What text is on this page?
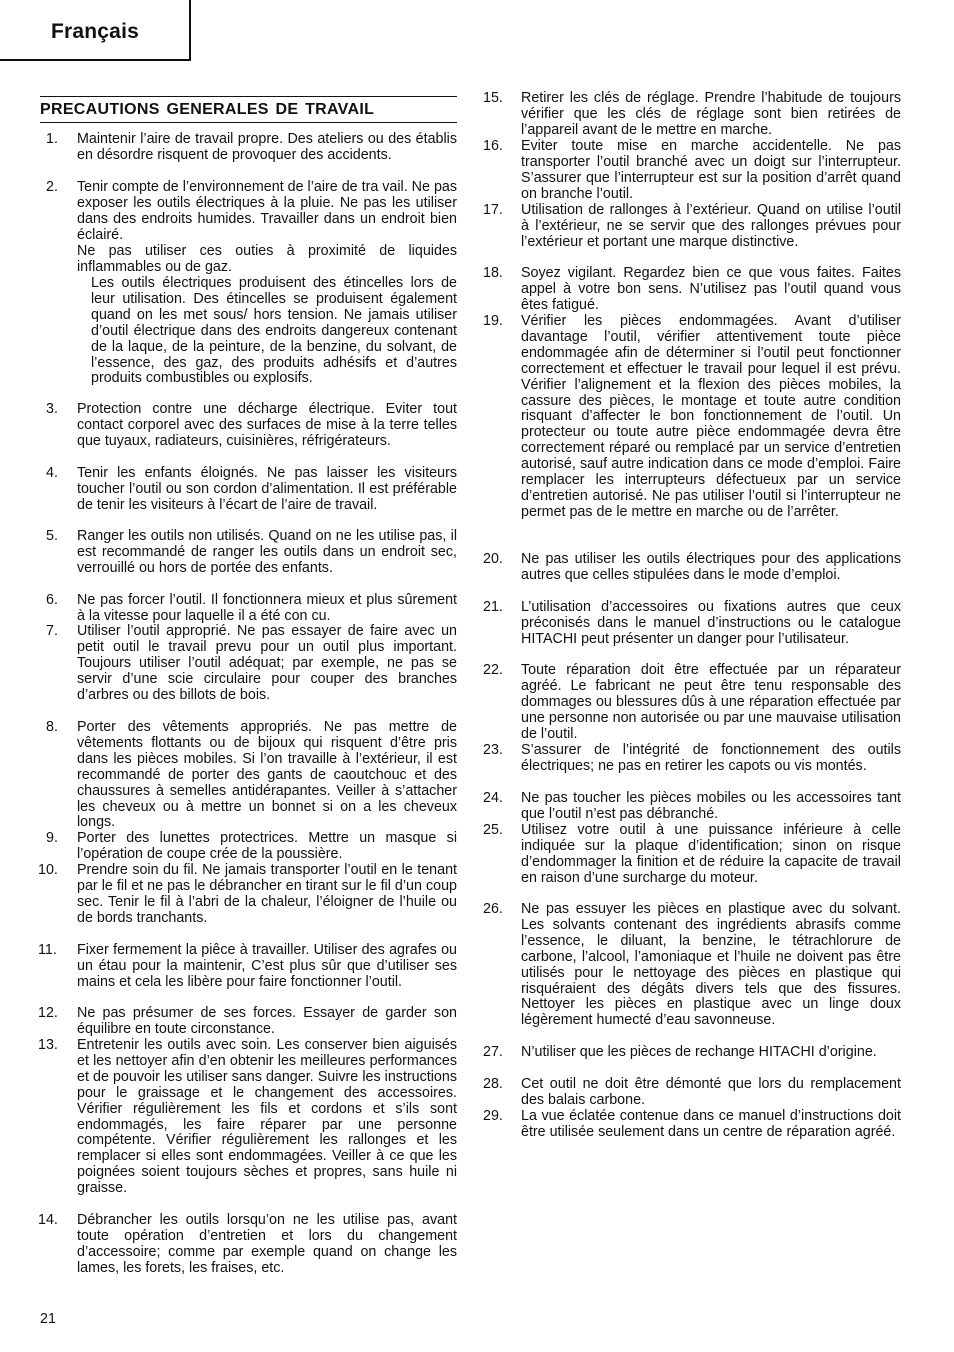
Français
PRECAUTIONS GENERALES DE TRAVAIL
1. Maintenir l’aire de travail propre. Des ateliers ou des établis en désordre risquent de provoquer des accidents.
2. Tenir compte de l’environnement de l’aire de tra vail. Ne pas exposer les outils électriques à la pluie. Ne pas les utiliser dans des endroits humides. Travailler dans un endroit bien éclairé.
Ne pas utiliser ces outies à proximité de liquides inflammables ou de gaz.
Les outils électriques produisent des étincelles lors de leur utilisation. Des étincelles se produisent également quand on les met sous/ hors tension. Ne jamais utiliser d’outil électrique dans des endroits dangereux contenant de la laque, de la peinture, de la benzine, du solvant, de l’essence, des gaz, des produits adhésifs et d’autres produits combustibles ou explosifs.
3. Protection contre une décharge électrique. Eviter tout contact corporel avec des surfaces de mise à la terre telles que tuyaux, radiateurs, cuisinières, réfrigérateurs.
4. Tenir les enfants éloignés. Ne pas laisser les visiteurs toucher l’outil ou son cordon d’alimentation. Il est préférable de tenir les visiteurs à l’écart de l’aire de travail.
5. Ranger les outils non utilisés. Quand on ne les utilise pas, il est recommandé de ranger les outils dans un endroit sec, verrouillé ou hors de portée des enfants.
6. Ne pas forcer l’outil. Il fonctionnera mieux et plus sûrement à la vitesse pour laquelle il a été con cu.
7. Utiliser l’outil approprié. Ne pas essayer de faire avec un petit outil le travail prevu pour un outil plus important. Toujours utiliser l’outil adéquat; par exemple, ne pas se servir d’une scie circulaire pour couper des branches d’arbres ou des billots de bois.
8. Porter des vêtements appropriés. Ne pas mettre de vêtements flottants ou de bijoux qui risquent d’être pris dans les pièces mobiles. Si l’on travaille à l’extérieur, il est recommandé de porter des gants de caoutchouc et des chaussures à semelles antidérapantes. Veiller à s’attacher les cheveux ou à mettre un bonnet si on a les cheveux longs.
9. Porter des lunettes protectrices. Mettre un masque si l’opération de coupe crée de la poussière.
10. Prendre soin du fil. Ne jamais transporter l’outil en le tenant par le fil et ne pas le débrancher en tirant sur le fil d’un coup sec. Tenir le fil à l’abri de la chaleur, l’éloigner de l’huile ou de bords tranchants.
11. Fixer fermement la piêce à travailler. Utiliser des agrafes ou un étau pour la maintenir, C’est plus sûr que d’utiliser ses mains et cela les libère pour faire fonctionner l’outil.
12. Ne pas présumer de ses forces. Essayer de garder son équilibre en toute circonstance.
13. Entretenir les outils avec soin. Les conserver bien aiguisés et les nettoyer afin d’en obtenir les meilleures performances et de pouvoir les utiliser sans danger. Suivre les instructions pour le graissage et le changement des accessoires. Vérifier régulièrement les fils et cordons et s’ils sont endommagés, les faire réparer par une personne compétente. Vérifier régulièrement les rallonges et les remplacer si elles sont endommagées. Veiller à ce que les poignées soient toujours sèches et propres, sans huile ni graisse.
14. Débrancher les outils lorsqu’on ne les utilise pas, avant toute opération d’entretien et lors du changement d’accessoire; comme par exemple quand on change les lames, les forets, les fraises, etc.
15. Retirer les clés de réglage. Prendre l’habitude de toujours vérifier que les clés de réglage sont bien retirées de l’appareil avant de le mettre en marche.
16. Eviter toute mise en marche accidentelle. Ne pas transporter l’outil branché avec un doigt sur l’interrupteur. S’assurer que l’interrupteur est sur la position d’arrêt quand on branche l’outil.
17. Utilisation de rallonges à l’extérieur. Quand on utilise l’outil à l’extérieur, ne se servir que des rallonges prévues pour l’extérieur et portant une marque distinctive.
18. Soyez vigilant. Regardez bien ce que vous faites. Faites appel à votre bon sens. N’utilisez pas l’outil quand vous êtes fatigué.
19. Vérifier les pièces endommagées. Avant d’utiliser davantage l’outil, vérifier attentivement toute pièce endommagée afin de déterminer si l’outil peut fonctionner correctement et effectuer le travail pour lequel il est prévu. Vérifier l’alignement et la flexion des pièces mobiles, la cassure des pièces, le montage et toute autre condition risquant d’affecter le bon fonctionnement de l’outil. Un protecteur ou toute autre pièce endommagée devra être correctement réparé ou remplacé par un service d’entretien autorisé, sauf autre indication dans ce mode d’emploi. Faire remplacer les interrupteurs défectueux par un service d’entretien autorisé. Ne pas utiliser l’outil si l’interrupteur ne permet pas de le mettre en marche ou de l’arrêter.
20. Ne pas utiliser les outils électriques pour des applications autres que celles stipulées dans le mode d’emploi.
21. L’utilisation d’accessoires ou fixations autres que ceux préconisés dans le manuel d’instructions ou le catalogue HITACHI peut présenter un danger pour l’utilisateur.
22. Toute réparation doit être effectuée par un réparateur agréé. Le fabricant ne peut être tenu responsable des dommages ou blessures dûs à une réparation effectuée par une personne non autorisée ou par une mauvaise utilisation de l’outil.
23. S’assurer de l’intégrité de fonctionnement des outils électriques; ne pas en retirer les capots ou vis montés.
24. Ne pas toucher les pièces mobiles ou les accessoires tant que l’outil n’est pas débranché.
25. Utilisez votre outil à une puissance inférieure à celle indiquée sur la plaque d’identification; sinon on risque d’endommager la finition et de réduire la capacite de travail en raison d’une surcharge du moteur.
26. Ne pas essuyer les pièces en plastique avec du solvant. Les solvants contenant des ingrédients abrasifs comme l’essence, le diluant, la benzine, le tétrachlorure de carbone, l’alcool, l’amoniaque et l’huile ne doivent pas être utilisés pour le nettoyage des pièces en plastique qui risquéraient des dégâts divers tels que des fissures. Nettoyer les pièces en plastique avec un linge doux légèrement humecté d’eau savonneuse.
27. N’utiliser que les pièces de rechange HITACHI d’origine.
28. Cet outil ne doit être démonté que lors du remplacement des balais carbone.
29. La vue éclatée contenue dans ce manuel d’instructions doit être utilisée seulement dans un centre de réparation agréé.
21
